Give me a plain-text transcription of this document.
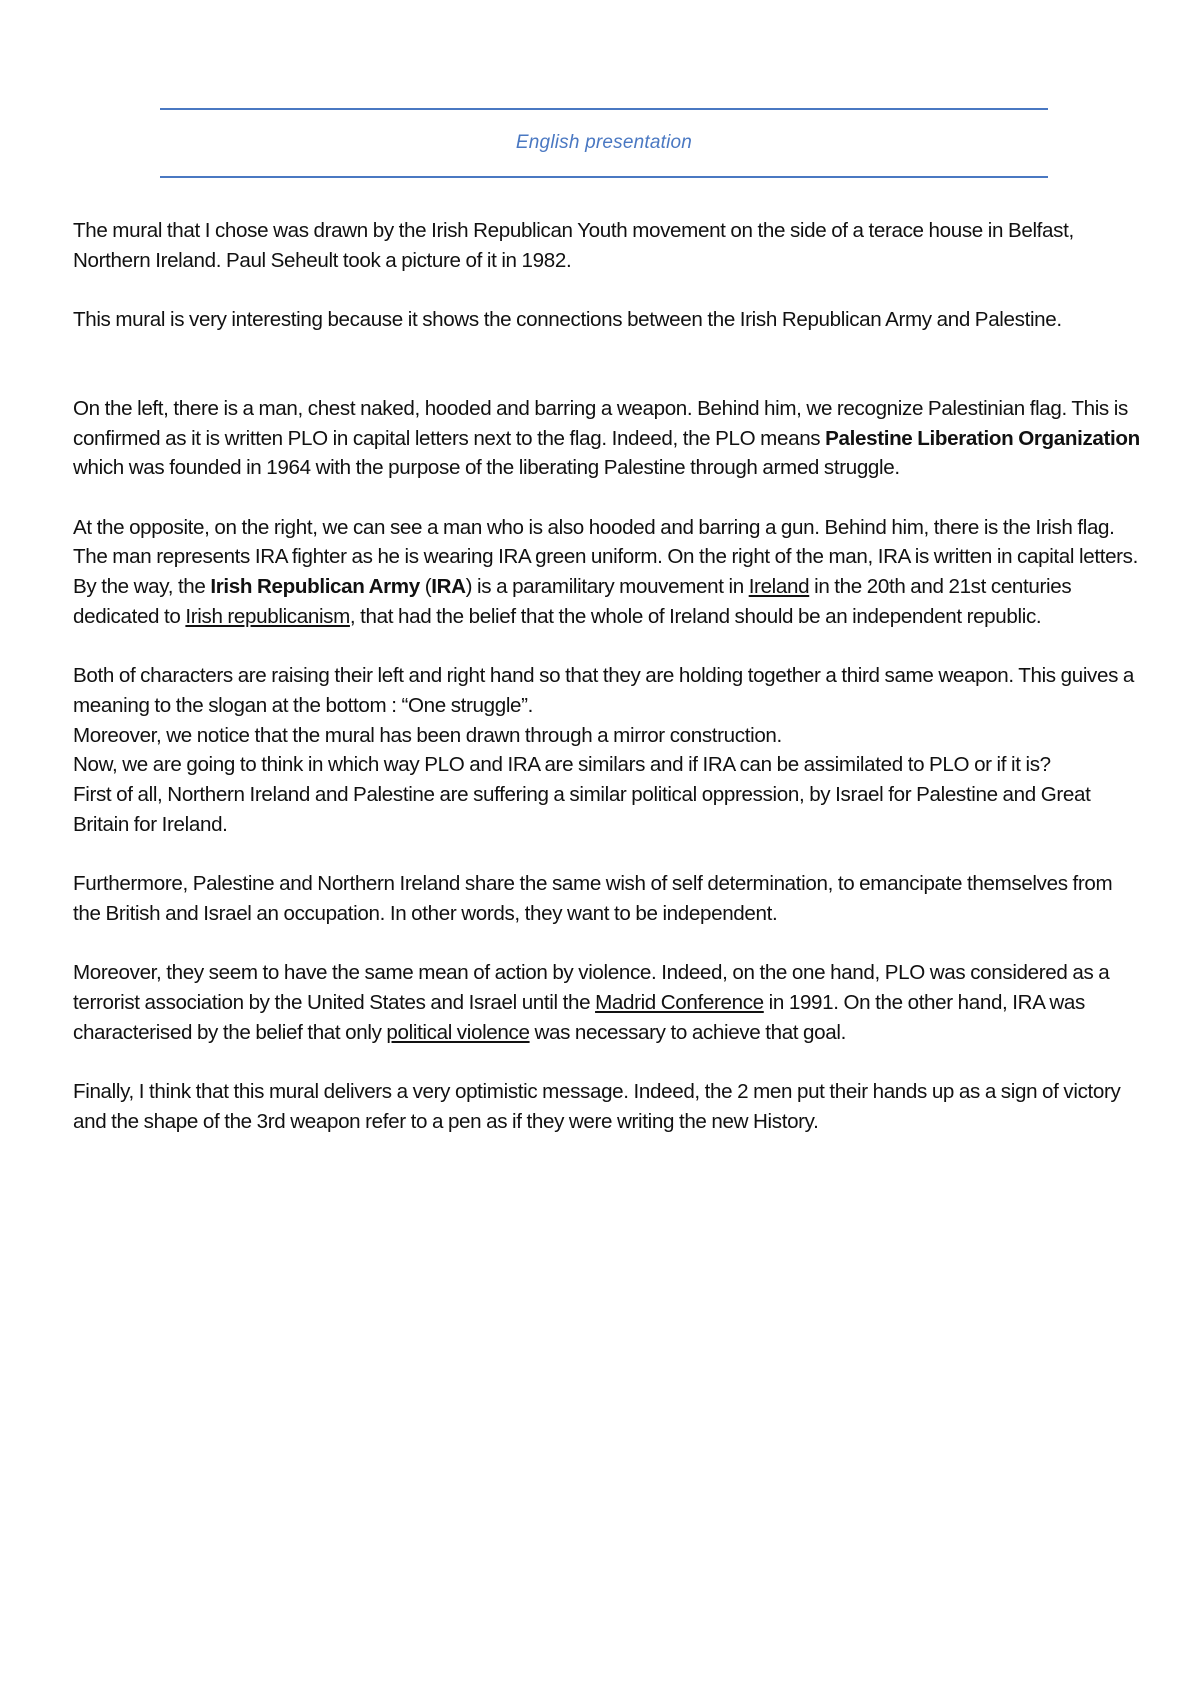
English presentation

The mural that I chose was drawn by the Irish Republican Youth movement on the side of a terace house in Belfast, Northern Ireland. Paul Seheult took a picture of it in 1982.

This mural is very interesting because it shows the connections between the Irish Republican Army and Palestine.

On the left, there is a man, chest naked, hooded and barring a weapon. Behind him, we recognize Palestinian flag. This is confirmed as it is written PLO in capital letters next to the flag. Indeed, the PLO means Palestine Liberation Organization which was founded in 1964 with the purpose of the liberating Palestine through armed struggle.

At the opposite, on the right, we can see a man who is also hooded and barring a gun. Behind him, there is the Irish flag. The man represents IRA fighter as he is wearing IRA green uniform. On the right of the man, IRA is written in capital letters. By the way, the Irish Republican Army (IRA) is a paramilitary mouvement in Ireland in the 20th and 21st centuries dedicated to Irish republicanism, that had the belief that the whole of Ireland should be an independent republic.

Both of characters are raising their left and right hand so that they are holding together a third same weapon. This guives a meaning to the slogan at the bottom : “One struggle”.

Moreover, we notice that the mural has been drawn through a mirror construction.

Now, we are going to think in which way PLO and IRA are similars and if IRA can be assimilated to PLO or if it is?

First of all, Northern Ireland and Palestine are suffering a similar political oppression, by Israel for Palestine and Great Britain for Ireland.

Furthermore, Palestine and Northern Ireland share the same wish of self determination, to emancipate themselves from the British and Israel an occupation. In other words, they want to be independent.

Moreover, they seem to have the same mean of action by violence. Indeed, on the one hand, PLO was considered as a terrorist association by the United States and Israel until the Madrid Conference in 1991. On the other hand, IRA was characterised by the belief that only political violence was necessary to achieve that goal.

Finally, I think that this mural delivers a very optimistic message. Indeed, the 2 men put their hands up as a sign of victory and the shape of the 3rd weapon refer to a pen as if they were writing the new History.
